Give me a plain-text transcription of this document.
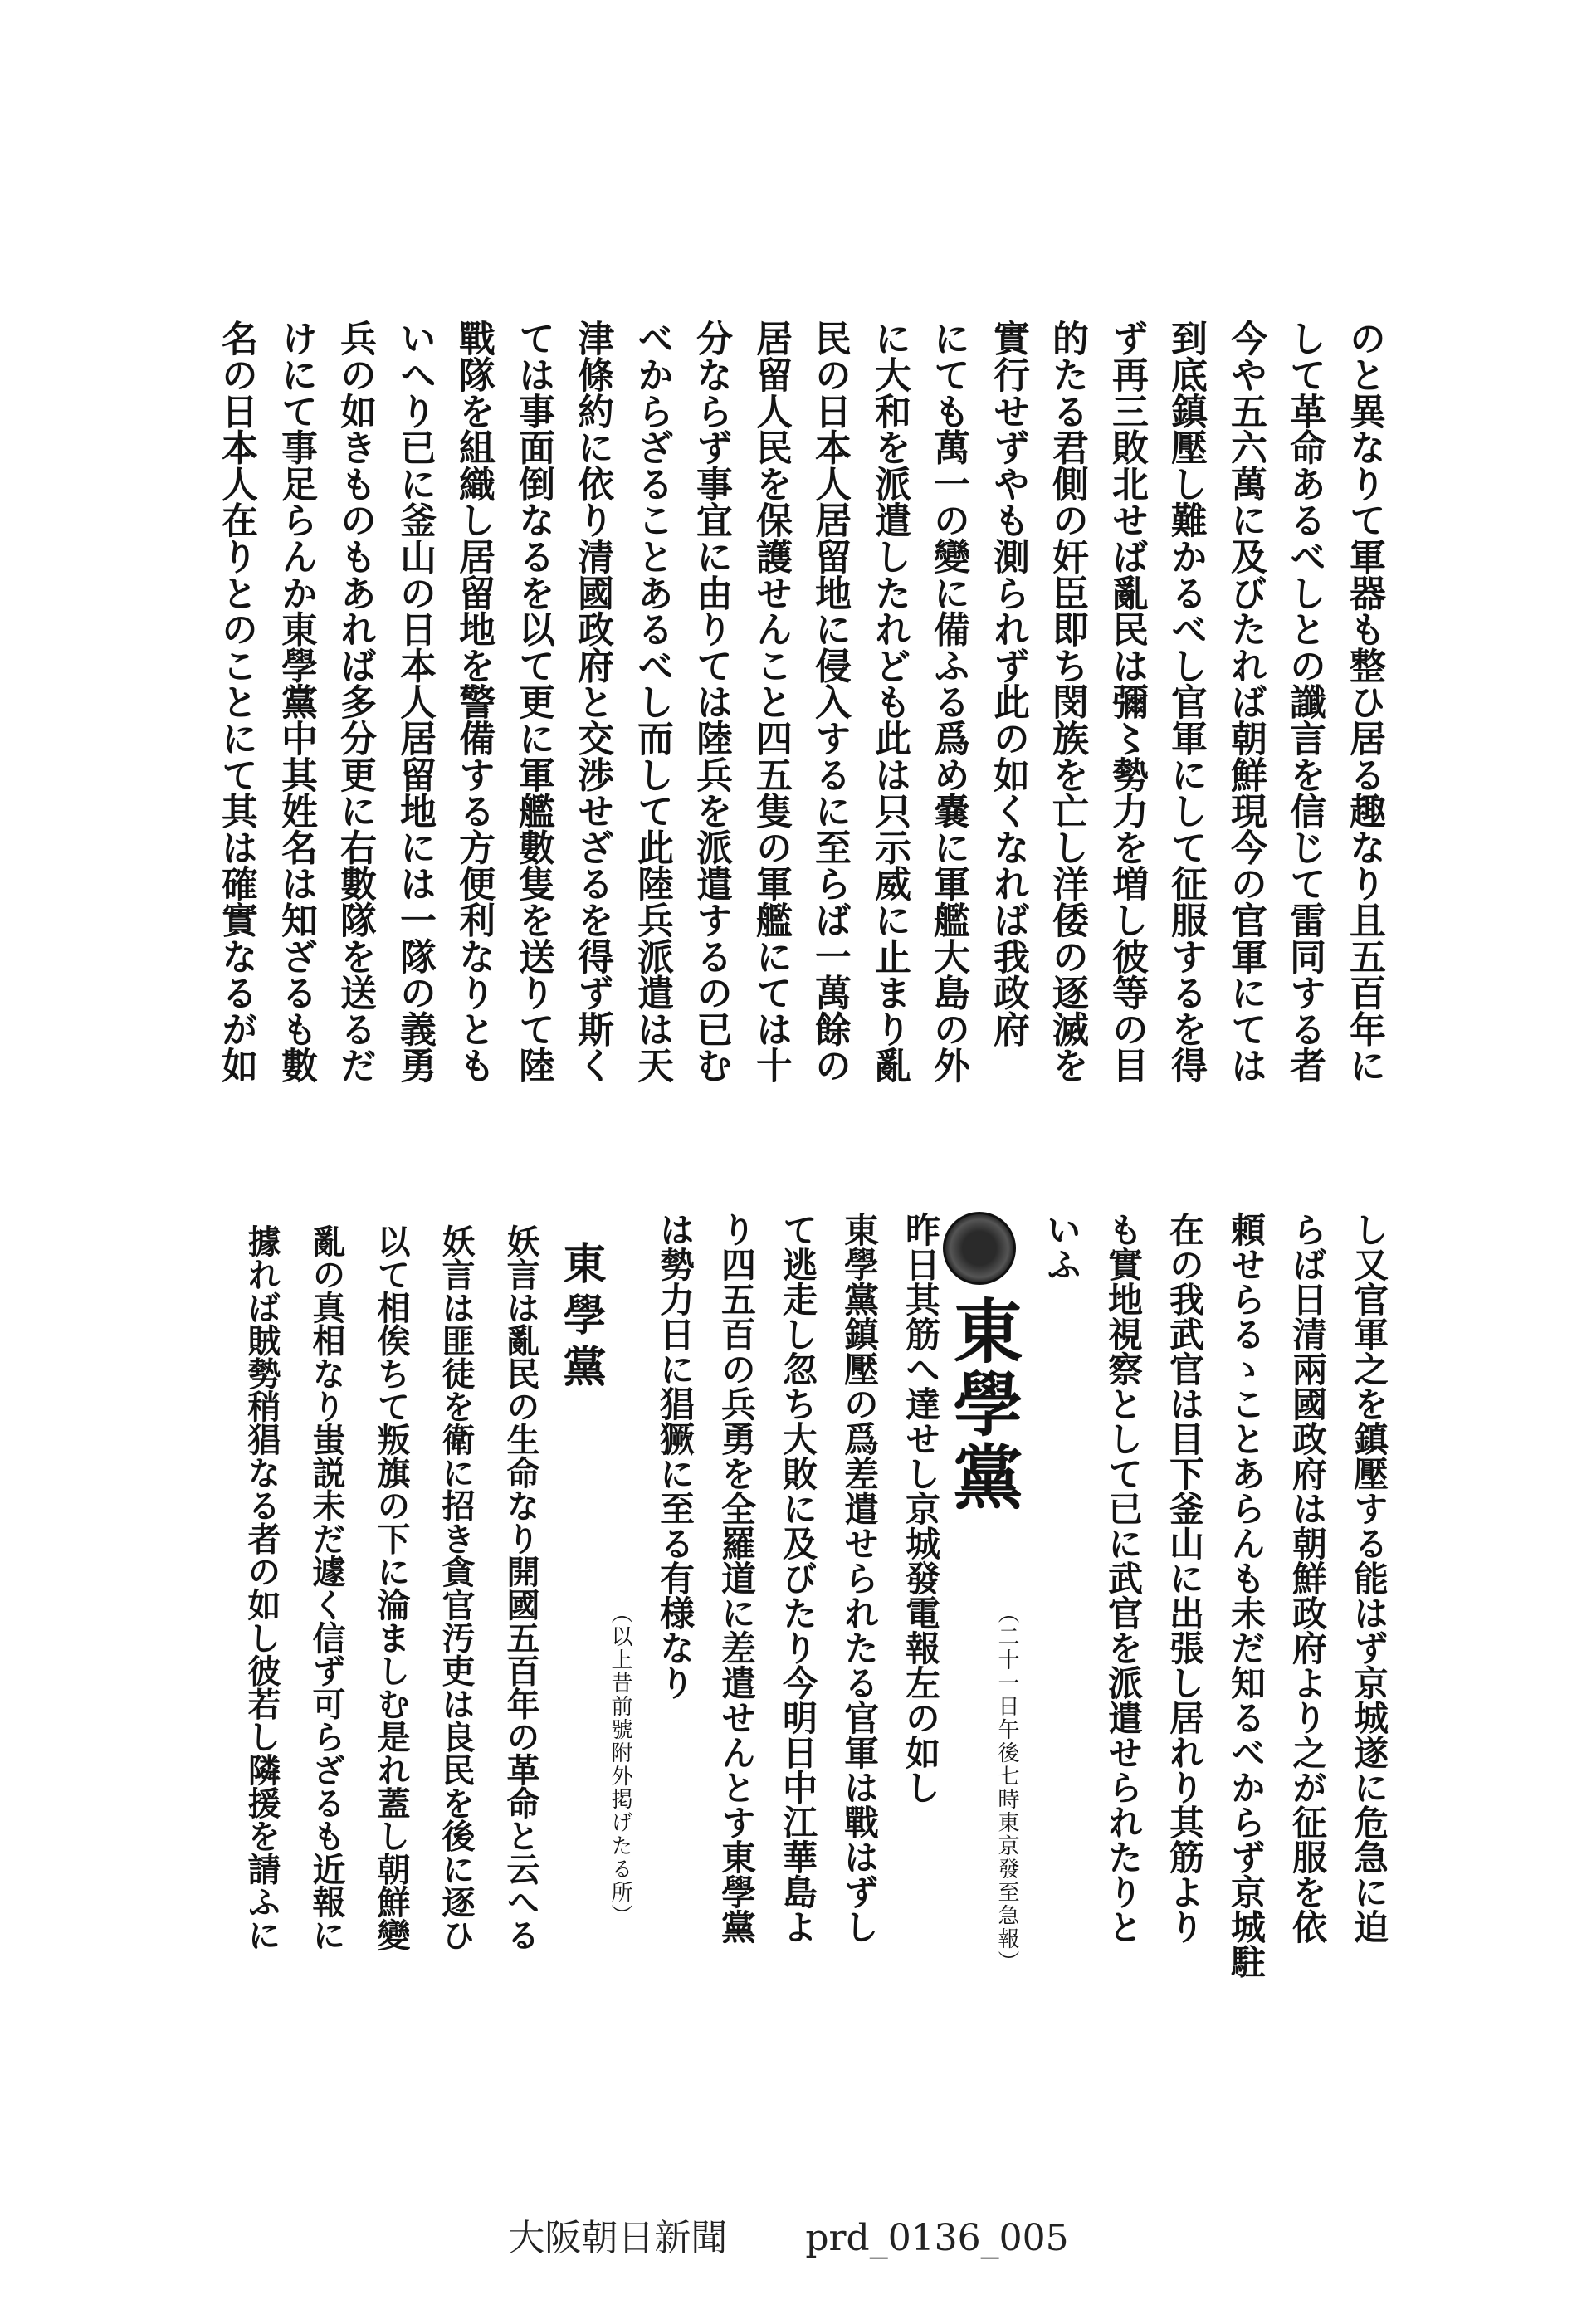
のと異なりて軍器も整ひ居る趣なり且五百年に
して革命あるべしとの讖言を信じて雷同する者
今や五六萬に及びたれば朝鮮現今の官軍にては
到底鎮壓し難かるべし官軍にして征服するを得
ず再三敗北せば亂民は彌〻勢力を増し彼等の目
的たる君側の奸臣即ち閔族を亡し洋倭の逐滅を
實行せずやも測られず此の如くなれば我政府
にても萬一の變に備ふる爲め嚢に軍艦大島の外
に大和を派遣したれども此は只示威に止まり亂
民の日本人居留地に侵入するに至らば一萬餘の
居留人民を保護せんこと四五隻の軍艦にては十
分ならず事宜に由りては陸兵を派遣するの已む
べからざることあるべし而して此陸兵派遣は天
津條約に依り清國政府と交渉せざるを得ず斯く
ては事面倒なるを以て更に軍艦數隻を送りて陸
戰隊を組織し居留地を警備する方便利なりとも
いへり已に釜山の日本人居留地には一隊の義勇
兵の如きものもあれば多分更に右數隊を送るだ
けにて事足らんか東學黨中其姓名は知ざるも數
名の日本人在りとのことにて其は確實なるが如
し又官軍之を鎮壓する能はず京城遂に危急に迫
らば日清兩國政府は朝鮮政府より之が征服を依
頼せらるゝことあらんも未だ知るべからず京城駐
在の我武官は目下釜山に出張し居れり其筋より
も實地視察として已に武官を派遣せられたりと
いふ
東學黨
（二十一日午後七時東京發至急報）
昨日其筋へ達せし京城發電報左の如し
東學黨鎮壓の爲差遣せられたる官軍は戰はずし
て逃走し忽ち大敗に及びたり今明日中江華島よ
り四五百の兵勇を全羅道に差遣せんとす東學黨
は勢力日に猖獗に至る有様なり
（以上昔前號附外掲げたる所）
東學黨
妖言は亂民の生命なり開國五百年の革命と云へる
妖言は匪徒を衛に招き貪官汚吏は良民を後に逐ひ
以て相俟ちて叛旗の下に淪ましむ是れ蓋し朝鮮變
亂の真相なり蚩説未だ遽く信ず可らざるも近報に
據れば賊勢稍猖なる者の如し彼若し隣援を請ふに
大阪朝日新聞 prd_0136_005
